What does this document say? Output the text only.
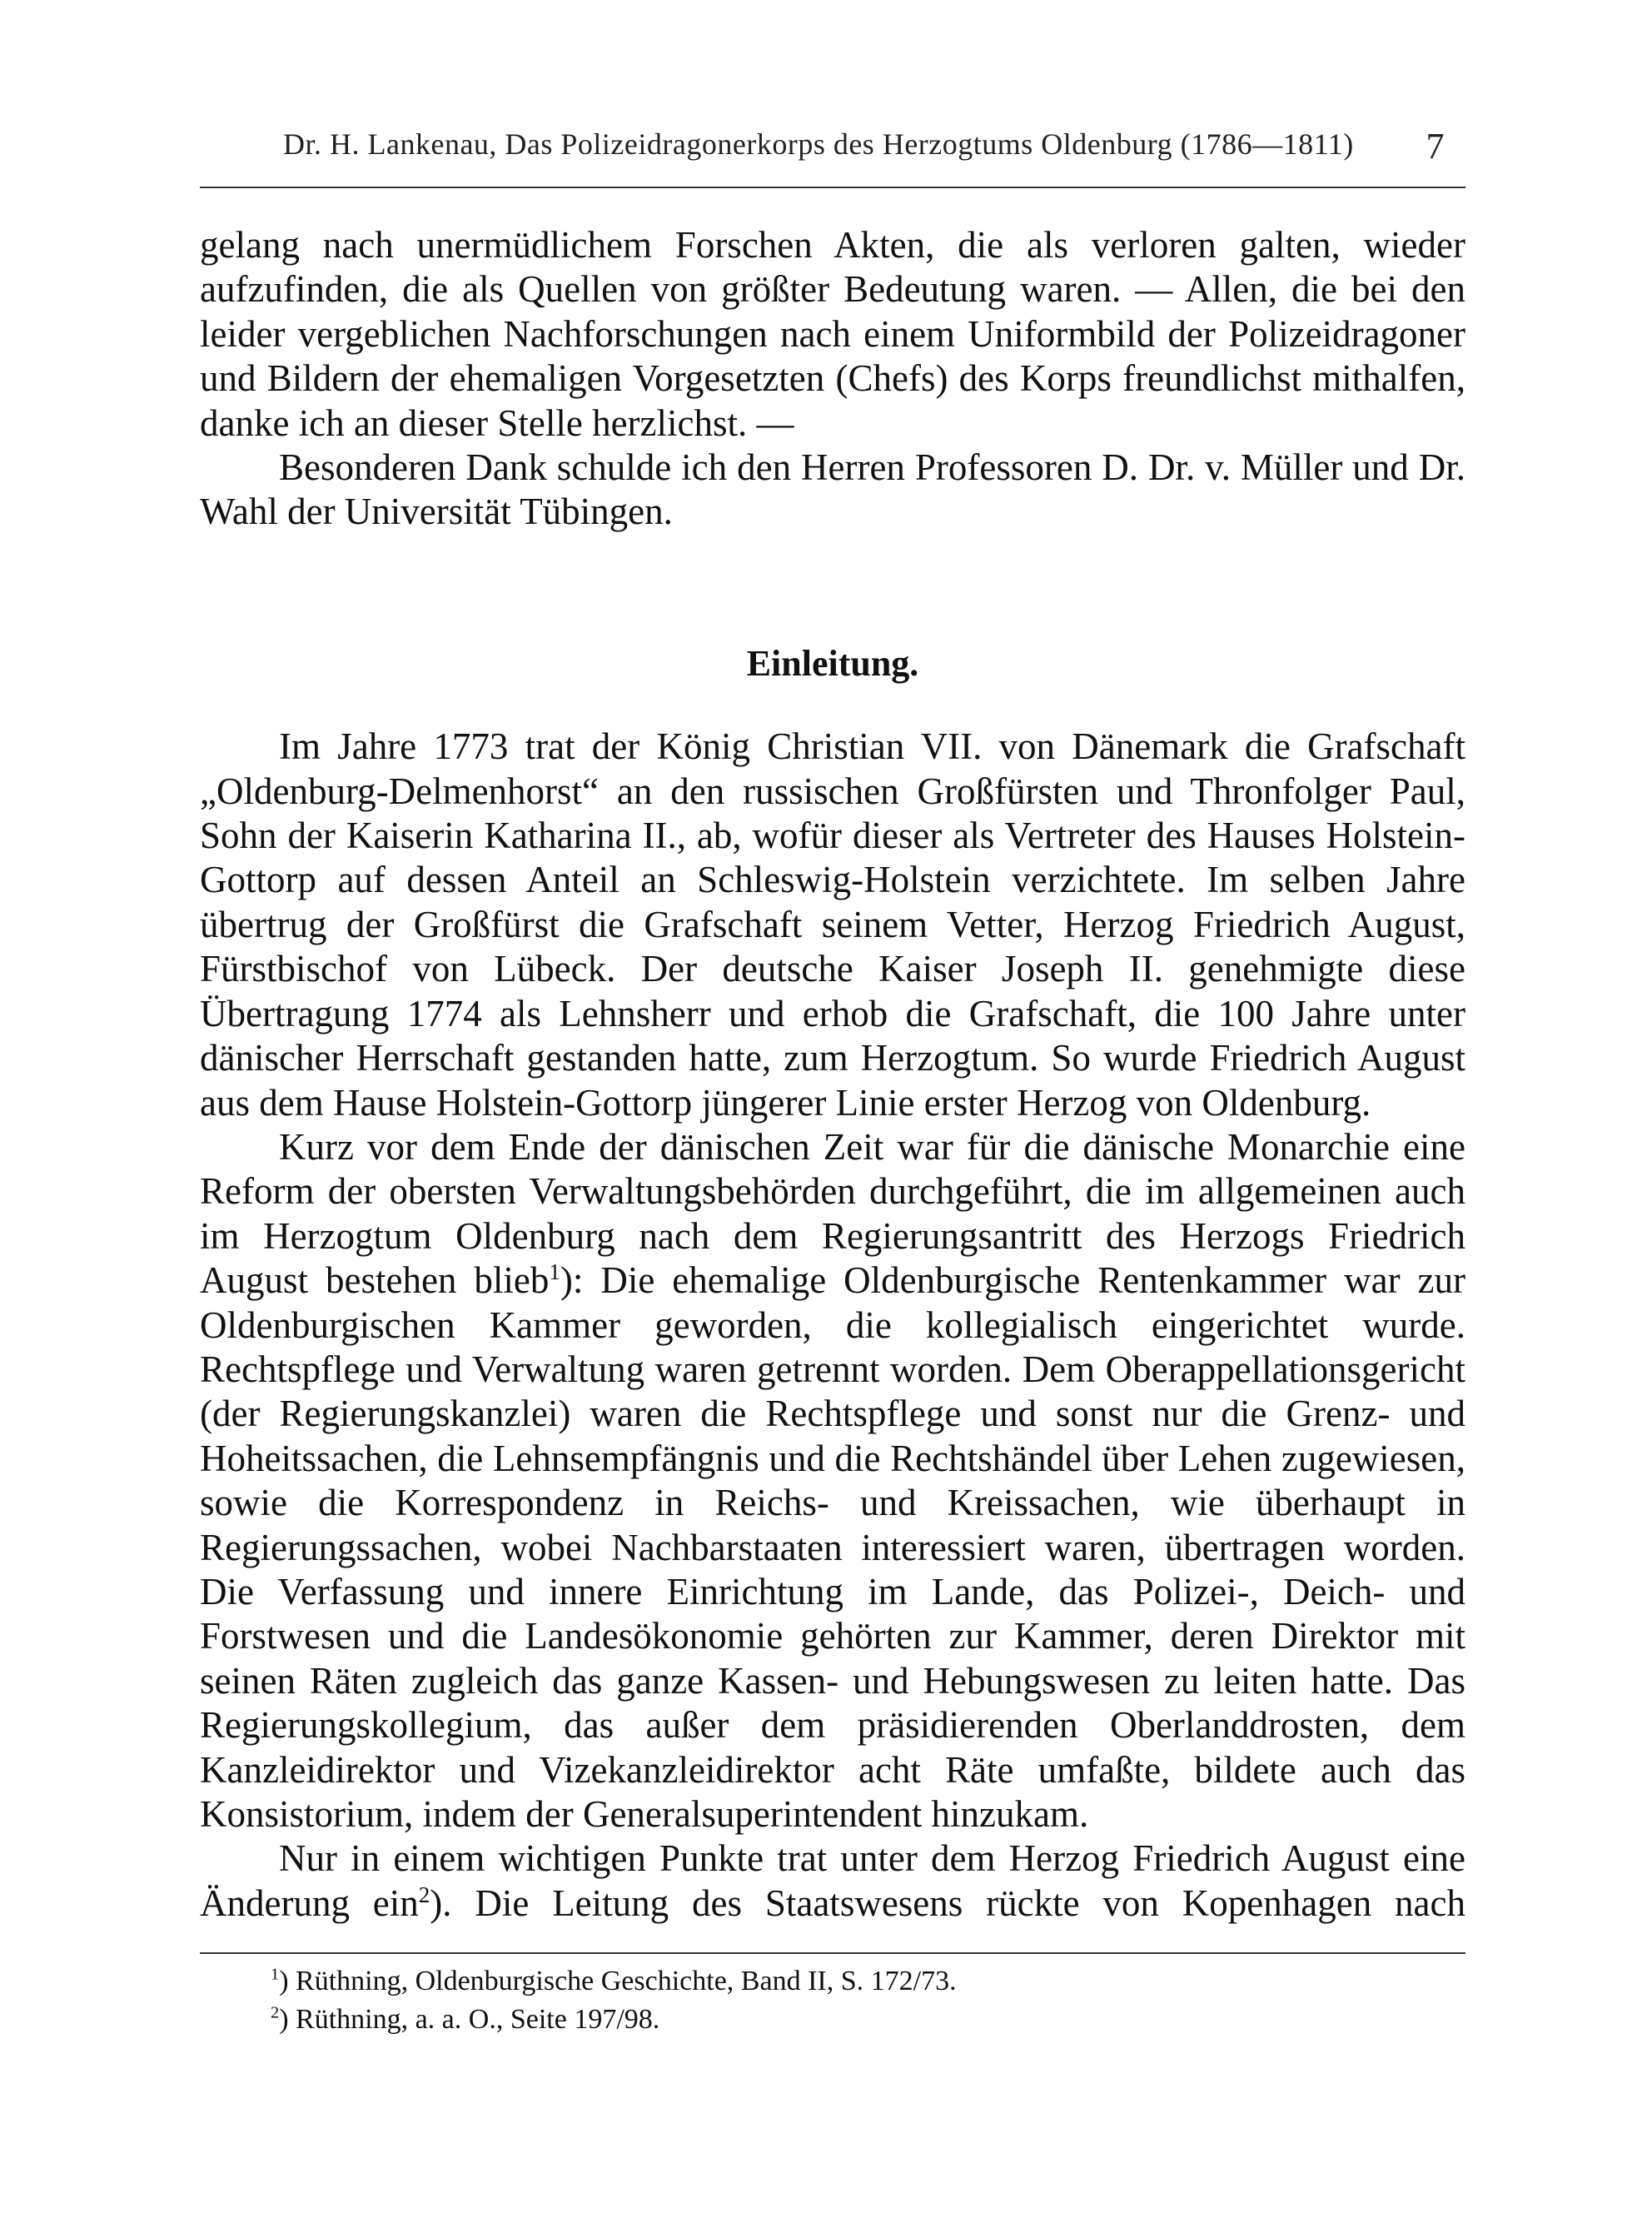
Dr. H. Lankenau, Das Polizeidragonerkorps des Herzogtums Oldenburg (1786—1811) 7

gelang nach unermüdlichem Forschen Akten, die als verloren galten, wieder aufzufinden, die als Quellen von größter Bedeutung waren. — Allen, die bei den leider vergeblichen Nachforschungen nach einem Uniformbild der Polizeidragoner und Bildern der ehemaligen Vorgesetzten (Chefs) des Korps freundlichst mithalfen, danke ich an dieser Stelle herzlichst. —

Besonderen Dank schulde ich den Herren Professoren D. Dr. v. Müller und Dr. Wahl der Universität Tübingen.

Einleitung.

Im Jahre 1773 trat der König Christian VII. von Dänemark die Grafschaft „Oldenburg-Delmenhorst“ an den russischen Großfürsten und Thronfolger Paul, Sohn der Kaiserin Katharina II., ab, wofür dieser als Vertreter des Hauses Holstein-Gottorp auf dessen Anteil an Schleswig-Holstein verzichtete. Im selben Jahre übertrug der Großfürst die Grafschaft seinem Vetter, Herzog Friedrich August, Fürstbischof von Lübeck. Der deutsche Kaiser Joseph II. genehmigte diese Übertragung 1774 als Lehnsherr und erhob die Grafschaft, die 100 Jahre unter dänischer Herrschaft gestanden hatte, zum Herzogtum. So wurde Friedrich August aus dem Hause Holstein-Gottorp jüngerer Linie erster Herzog von Oldenburg.

Kurz vor dem Ende der dänischen Zeit war für die dänische Monarchie eine Reform der obersten Verwaltungsbehörden durchgeführt, die im allgemeinen auch im Herzogtum Oldenburg nach dem Regierungsantritt des Herzogs Friedrich August bestehen blieb$^1$): Die ehemalige Oldenburgische Rentenkammer war zur Oldenburgischen Kammer geworden, die kollegialisch eingerichtet wurde. Rechtspflege und Verwaltung waren getrennt worden. Dem Oberappellationsgericht (der Regierungskanzlei) waren die Rechtspflege und sonst nur die Grenz- und Hoheitssachen, die Lehnsempfängnis und die Rechtshändel über Lehen zugewiesen, sowie die Korrespondenz in Reichs- und Kreissachen, wie überhaupt in Regierungssachen, wobei Nachbarstaaten interessiert waren, übertragen worden. Die Verfassung und innere Einrichtung im Lande, das Polizei-, Deich- und Forstwesen und die Landesökonomie gehörten zur Kammer, deren Direktor mit seinen Räten zugleich das ganze Kassen- und Hebungswesen zu leiten hatte. Das Regierungskollegium, das außer dem präsidierenden Oberlanddrosten, dem Kanzleidirektor und Vizekanzleidirektor acht Räte umfaßte, bildete auch das Konsistorium, indem der Generalsuperintendent hinzukam.

Nur in einem wichtigen Punkte trat unter dem Herzog Friedrich August eine Änderung ein$^2$). Die Leitung des Staatswesens rückte von Kopenhagen nach

$^1$) Rüthning, Oldenburgische Geschichte, Band II, S. 172/73.
$^2$) Rüthning, a. a. O., Seite 197/98.
